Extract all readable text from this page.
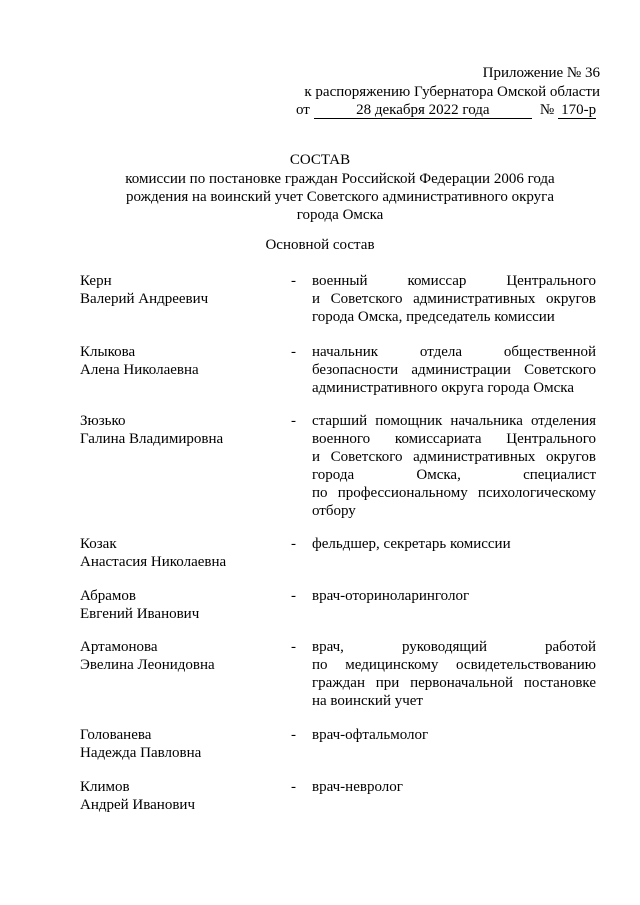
Приложение № 36
к распоряжению Губернатора Омской области
от	28 декабря 2022 года	№ 170-р
СОСТАВ
комиссии по постановке граждан Российской Федерации 2006 года рождения на воинский учет Советского административного округа города Омска
Основной состав
Керн
Валерий Андреевич
- военный комиссар Центрального
и Советского административных округов
города Омска, председатель комиссии
Клыкова
Алена Николаевна
- начальник отдела общественной
безопасности администрации Советского
административного округа города Омска
Зюзько
Галина Владимировна
- старший помощник начальника отделения
военного комиссариата Центрального
и Советского административных округов
города Омска, специалист
по профессиональному психологическому
отбору
Козак
Анастасия Николаевна
- фельдшер, секретарь комиссии
Абрамов
Евгений Иванович
- врач-оториноларинголог
Артамонова
Эвелина Леонидовна
- врач, руководящий работой
по медицинскому освидетельствованию
граждан при первоначальной постановке
на воинский учет
Голованева
Надежда Павловна
- врач-офтальмолог
Климов
Андрей Иванович
- врач-невролог
